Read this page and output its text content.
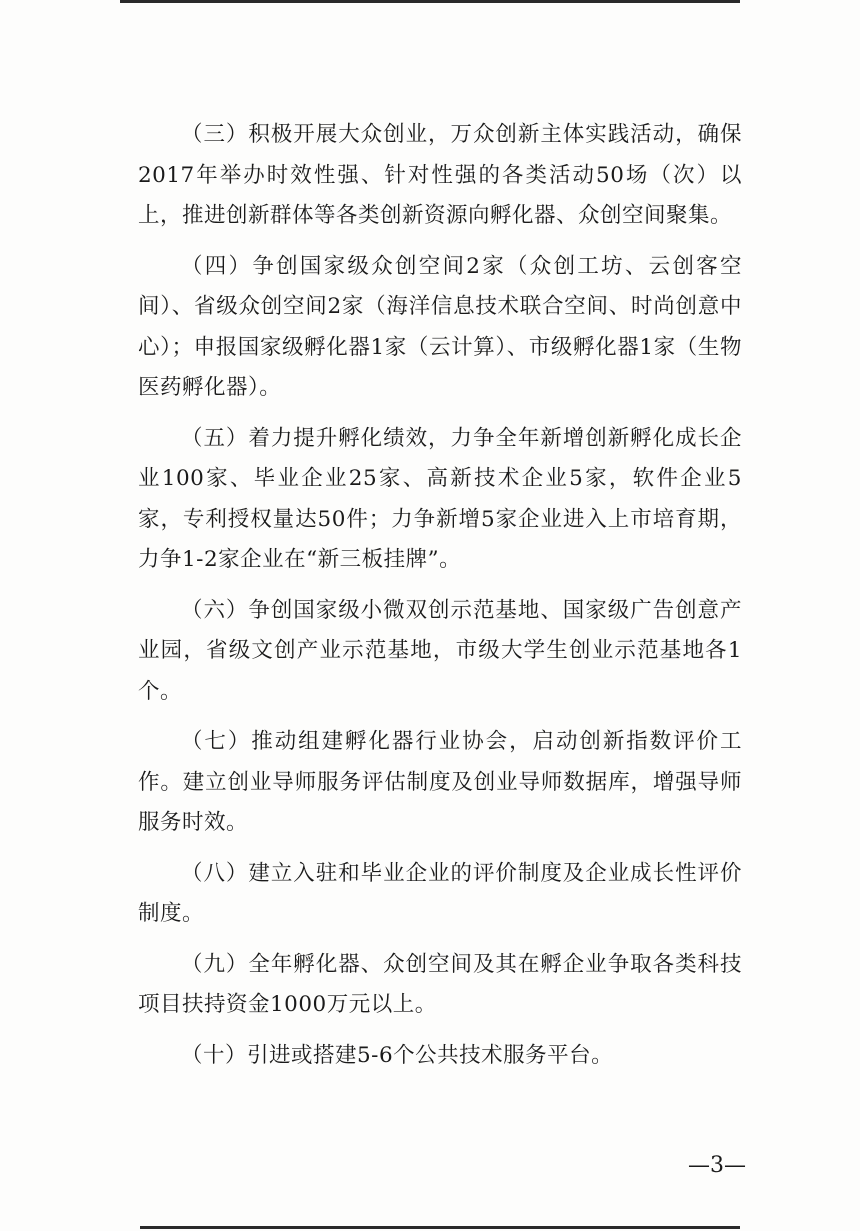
（三）积极开展大众创业，万众创新主体实践活动，确保2017年举办时效性强、针对性强的各类活动50场（次）以上，推进创新群体等各类创新资源向孵化器、众创空间聚集。

（四）争创国家级众创空间2家（众创工坊、云创客空间）、省级众创空间2家（海洋信息技术联合空间、时尚创意中心）；申报国家级孵化器1家（云计算）、市级孵化器1家（生物医药孵化器）。

（五）着力提升孵化绩效，力争全年新增创新孵化成长企业100家、毕业企业25家、高新技术企业5家，软件企业5家，专利授权量达50件；力争新增5家企业进入上市培育期，力争1-2家企业在“新三板挂牌”。

（六）争创国家级小微双创示范基地、国家级广告创意产业园，省级文创产业示范基地，市级大学生创业示范基地各1个。

（七）推动组建孵化器行业协会，启动创新指数评价工作。建立创业导师服务评估制度及创业导师数据库，增强导师服务时效。

（八）建立入驻和毕业企业的评价制度及企业成长性评价制度。

（九）全年孵化器、众创空间及其在孵企业争取各类科技项目扶持资金1000万元以上。

（十）引进或搭建5-6个公共技术服务平台。

—3—
